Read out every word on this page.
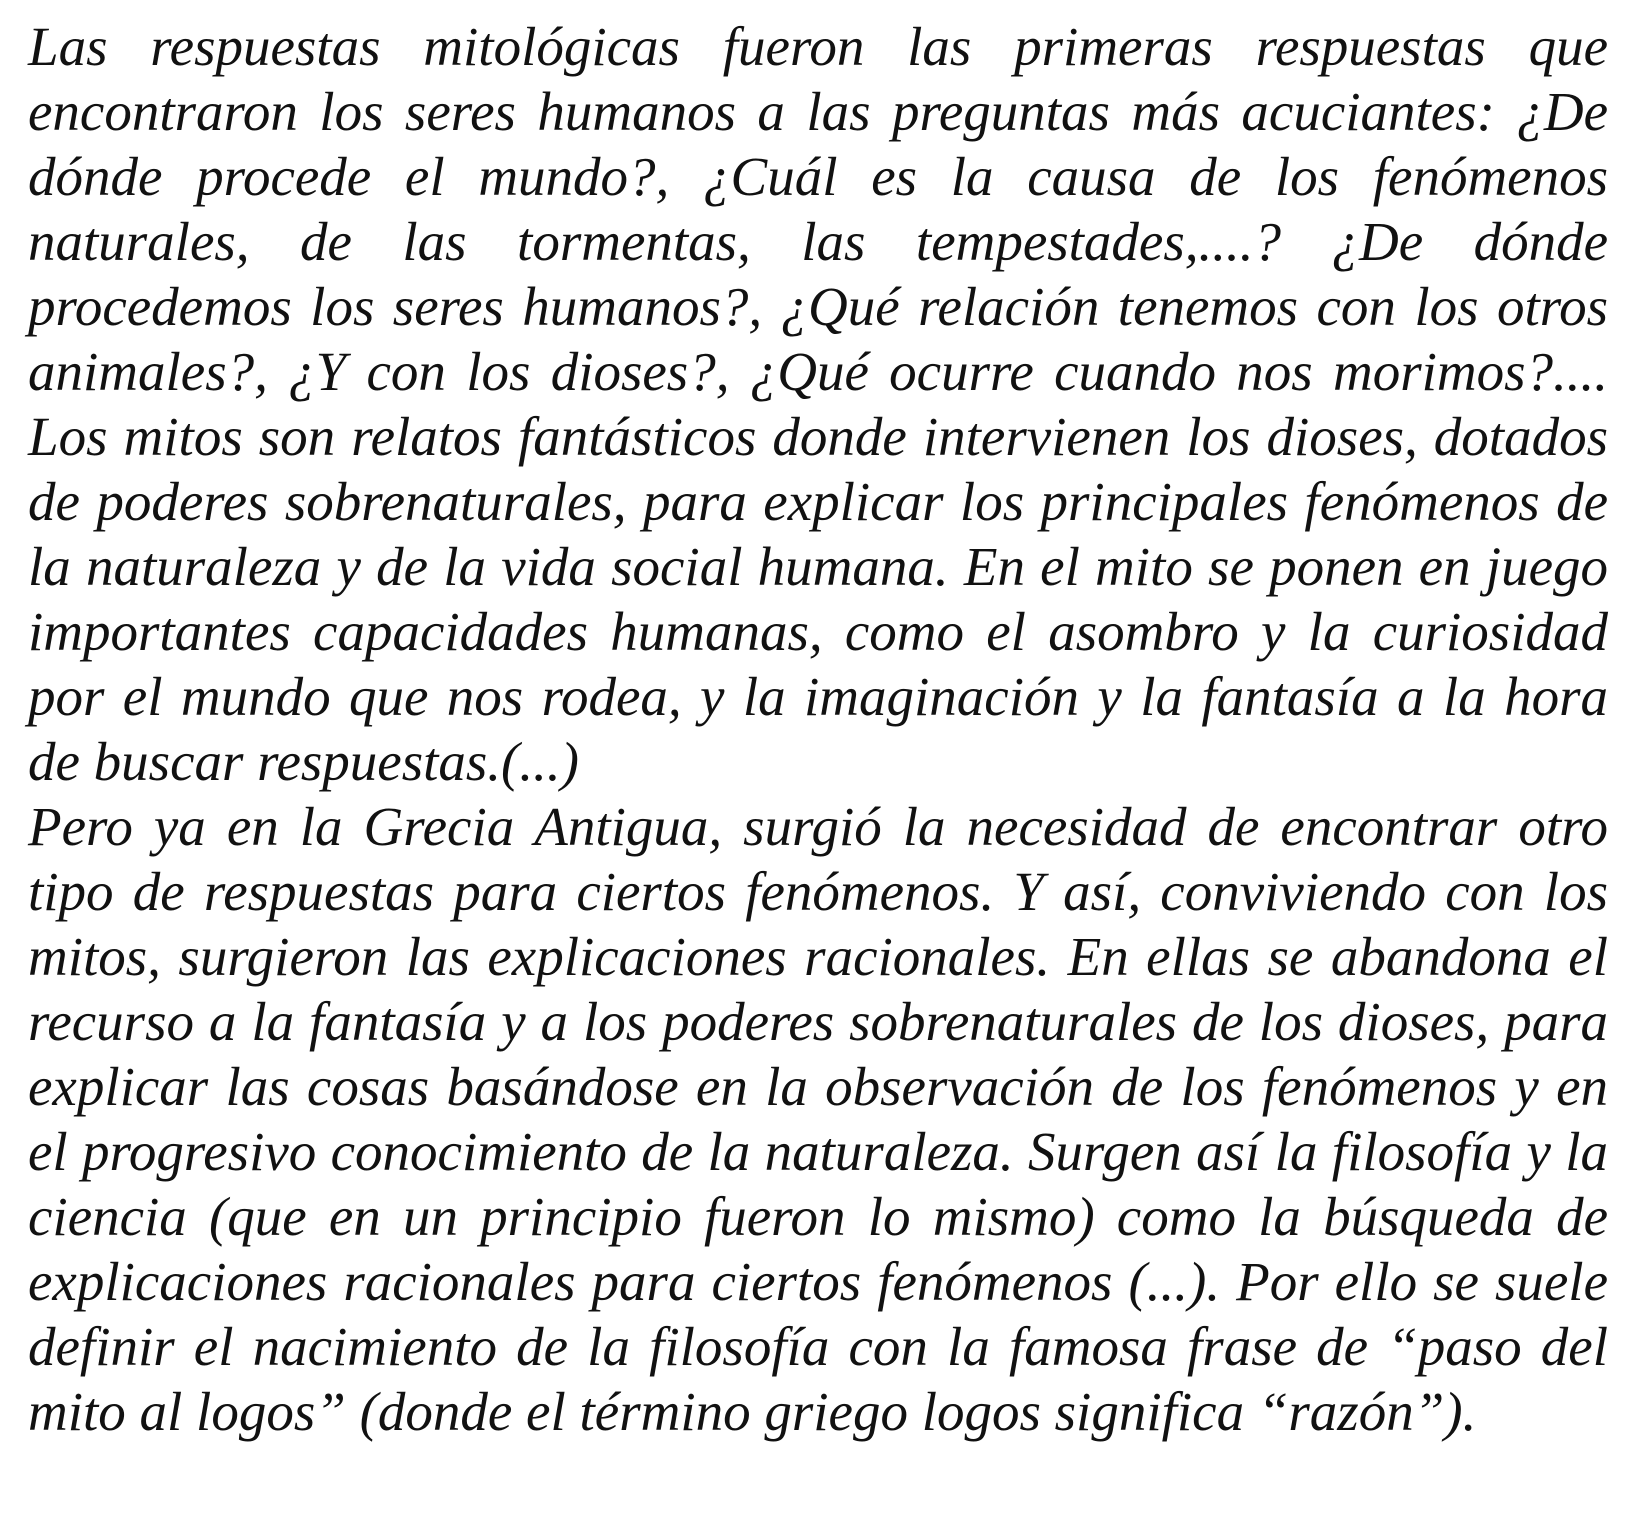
Las respuestas mitológicas fueron las primeras respuestas que encontraron los seres humanos a las preguntas más acuciantes: ¿De dónde procede el mundo?, ¿Cuál es la causa de los fenómenos naturales, de las tormentas, las tempestades,....? ¿De dónde procedemos los seres humanos?, ¿Qué relación tenemos con los otros animales?, ¿Y con los dioses?, ¿Qué ocurre cuando nos morimos?.... Los mitos son relatos fantásticos donde intervienen los dioses, dotados de poderes sobrenaturales, para explicar los principales fenómenos de la naturaleza y de la vida social humana. En el mito se ponen en juego importantes capacidades humanas, como el asombro y la curiosidad por el mundo que nos rodea, y la imaginación y la fantasía a la hora de buscar respuestas.(...)

Pero ya en la Grecia Antigua, surgió la necesidad de encontrar otro tipo de respuestas para ciertos fenómenos. Y así, conviviendo con los mitos, surgieron las explicaciones racionales. En ellas se abandona el recurso a la fantasía y a los poderes sobrenaturales de los dioses, para explicar las cosas basándose en la observación de los fenómenos y en el progresivo conocimiento de la naturaleza. Surgen así la filosofía y la ciencia (que en un principio fueron lo mismo) como la búsqueda de explicaciones racionales para ciertos fenómenos (...). Por ello se suele definir el nacimiento de la filosofía con la famosa frase de “paso del mito al logos” (donde el término griego logos significa “razón”).
